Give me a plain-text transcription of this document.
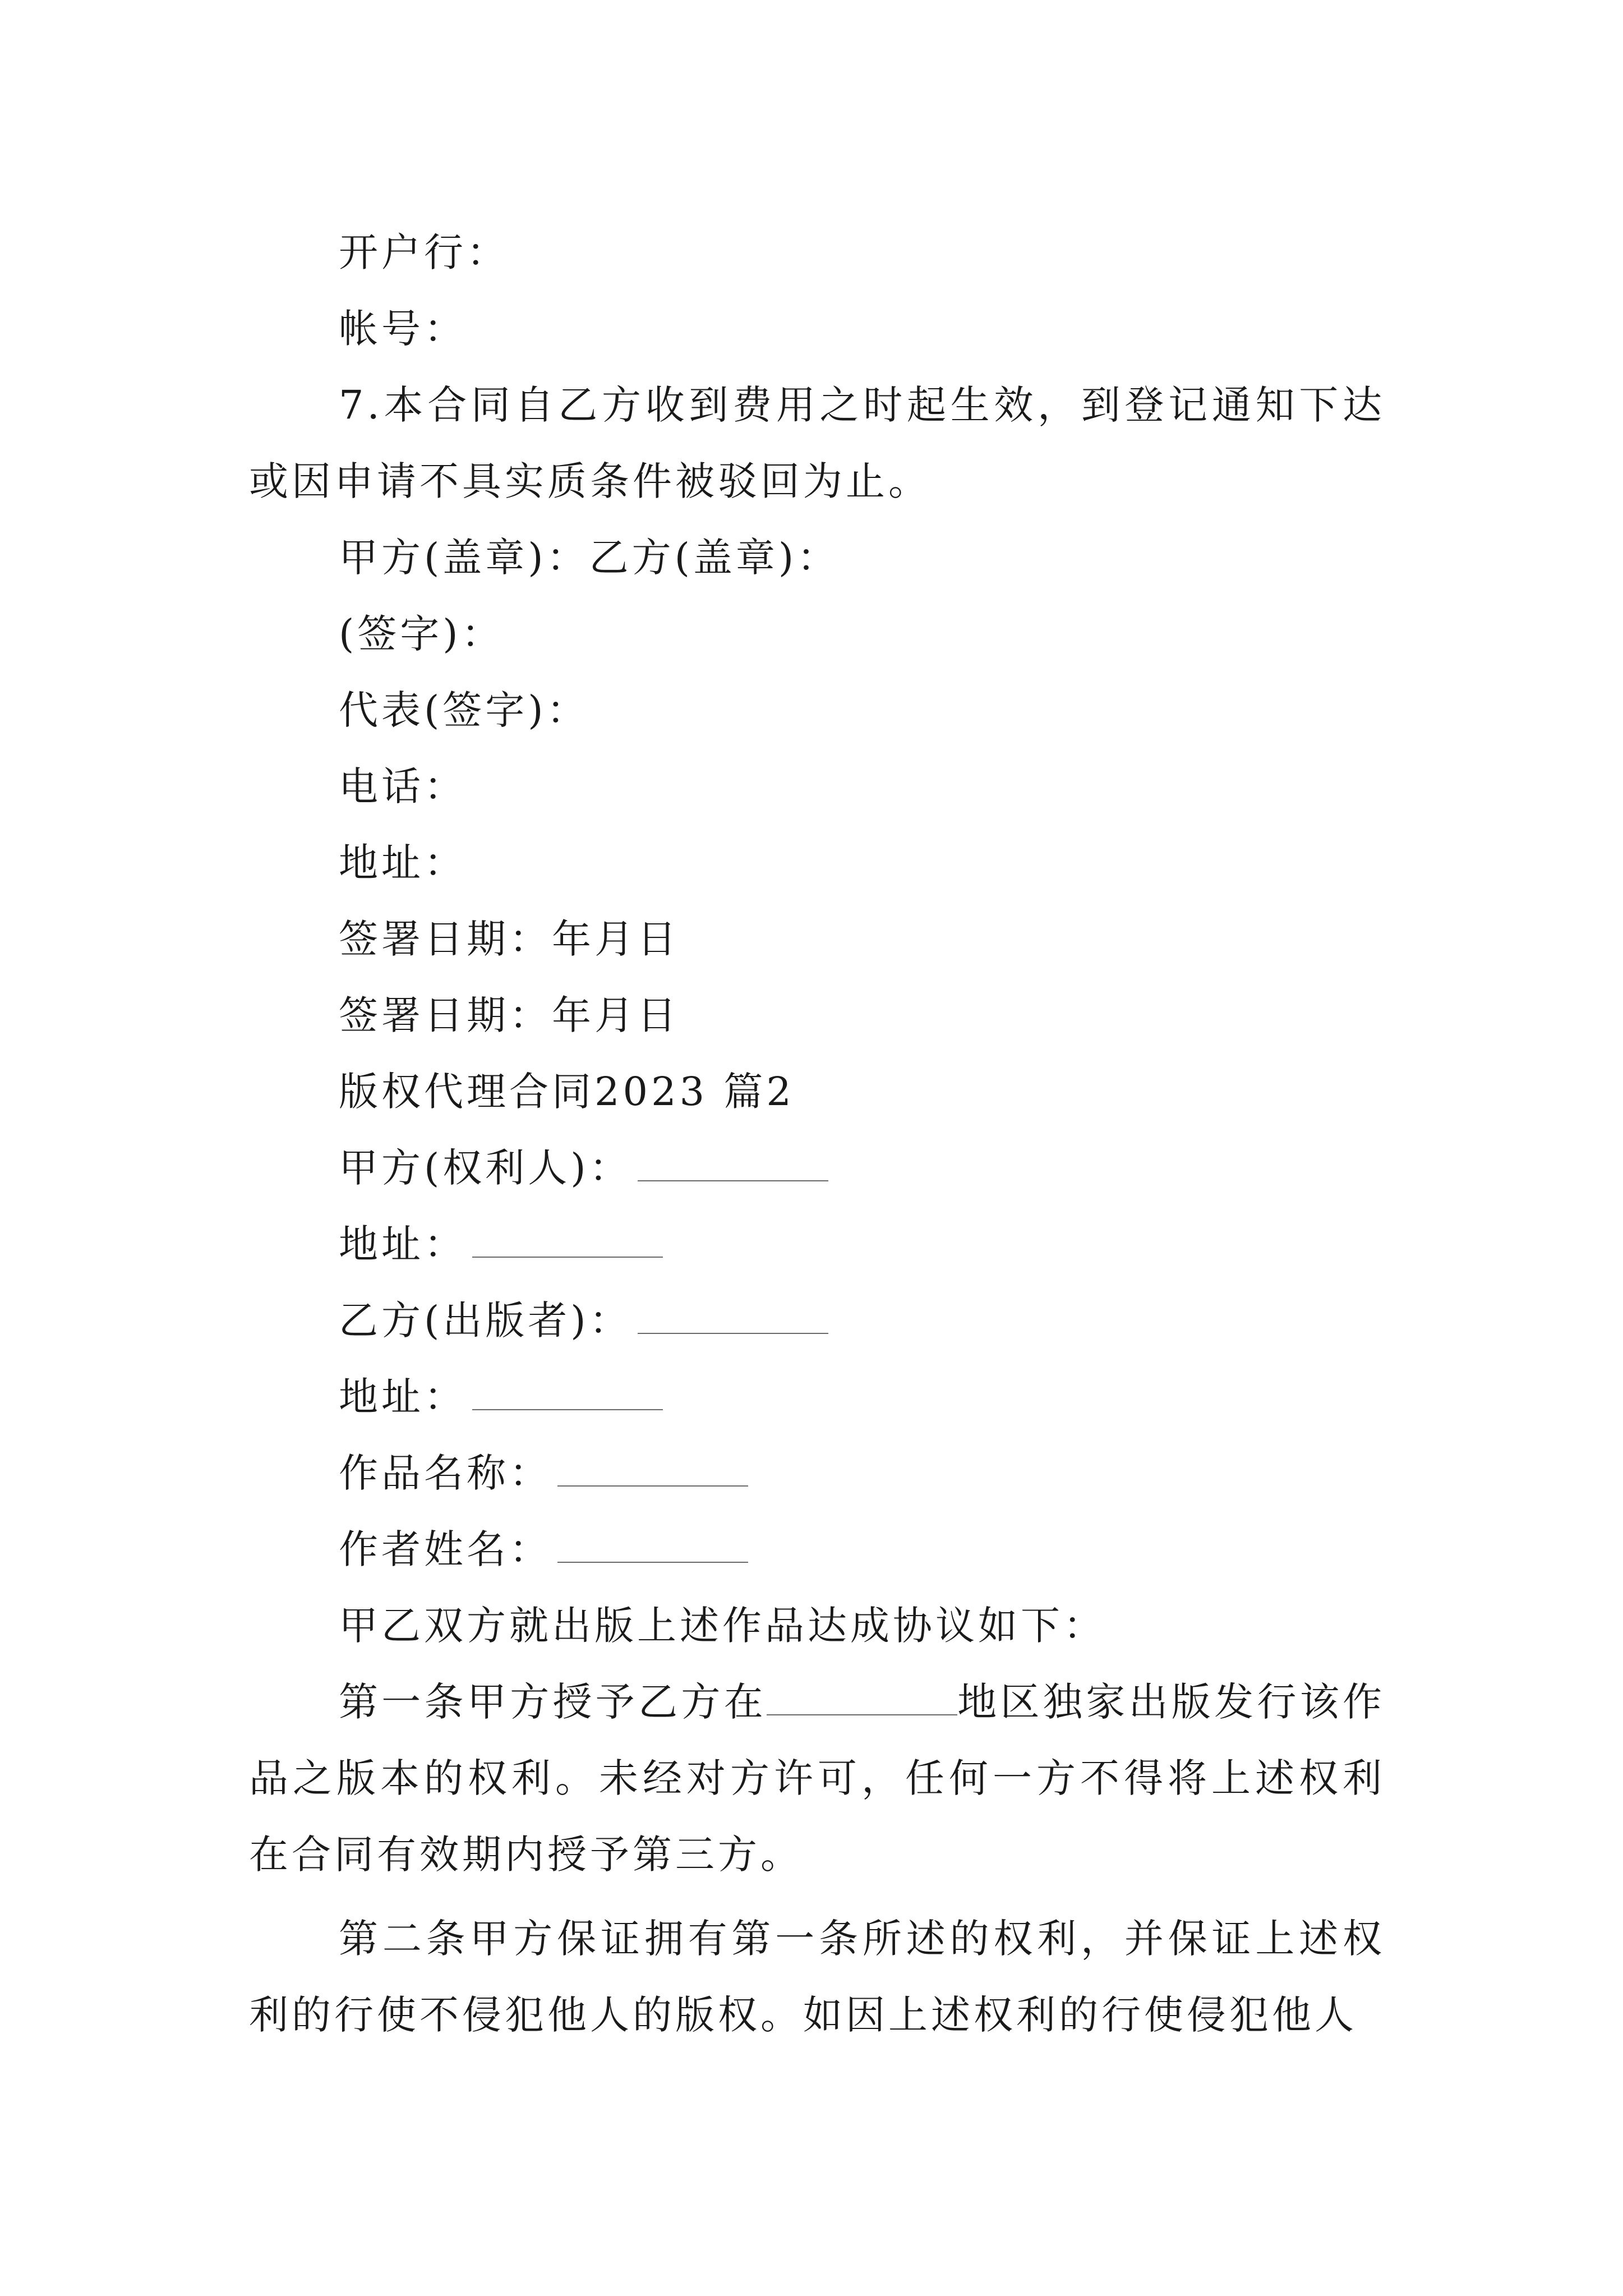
开户行：
帐号：
7.本合同自乙方收到费用之时起生效，到登记通知下达或因申请不具实质条件被驳回为止。
甲方(盖章)：乙方(盖章)：
(签字)：
代表(签字)：
电话：
地址：
签署日期：年月日
签署日期：年月日
版权代理合同2023 篇2
甲方(权利人)：
地址：
乙方(出版者)：
地址：
作品名称：
作者姓名：
甲乙双方就出版上述作品达成协议如下：
第一条甲方授予乙方在	地区独家出版发行该作品之版本的权利。未经对方许可，任何一方不得将上述权利在合同有效期内授予第三方。
第二条甲方保证拥有第一条所述的权利，并保证上述权利的行使不侵犯他人的版权。如因上述权利的行使侵犯他人
